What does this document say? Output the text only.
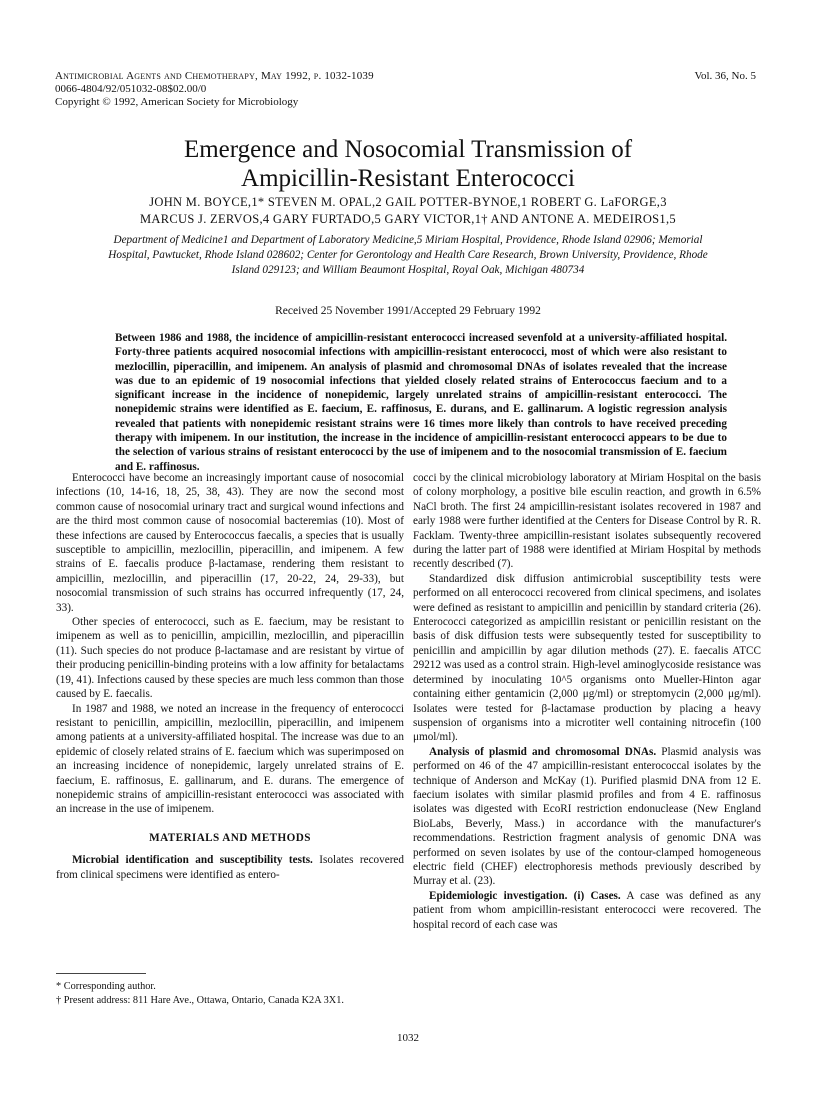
Antimicrobial Agents and Chemotherapy, May 1992, p. 1032-1039
0066-4804/92/051032-08$02.00/0
Copyright © 1992, American Society for Microbiology
Vol. 36, No. 5
Emergence and Nosocomial Transmission of
Ampicillin-Resistant Enterococci
JOHN M. BOYCE,1* STEVEN M. OPAL,2 GAIL POTTER-BYNOE,1 ROBERT G. LaFORGE,3
MARCUS J. ZERVOS,4 GARY FURTADO,5 GARY VICTOR,1† AND ANTONE A. MEDEIROS1,5
Department of Medicine1 and Department of Laboratory Medicine,5 Miriam Hospital, Providence, Rhode Island 02906; Memorial Hospital, Pawtucket, Rhode Island 028602; Center for Gerontology and Health Care Research, Brown University, Providence, Rhode Island 029123; and William Beaumont Hospital, Royal Oak, Michigan 480734
Received 25 November 1991/Accepted 29 February 1992
Between 1986 and 1988, the incidence of ampicillin-resistant enterococci increased sevenfold at a university-affiliated hospital. Forty-three patients acquired nosocomial infections with ampicillin-resistant enterococci, most of which were also resistant to mezlocillin, piperacillin, and imipenem. An analysis of plasmid and chromosomal DNAs of isolates revealed that the increase was due to an epidemic of 19 nosocomial infections that yielded closely related strains of Enterococcus faecium and to a significant increase in the incidence of nonepidemic, largely unrelated strains of ampicillin-resistant enterococci. The nonepidemic strains were identified as E. faecium, E. raffinosus, E. durans, and E. gallinarum. A logistic regression analysis revealed that patients with nonepidemic resistant strains were 16 times more likely than controls to have received preceding therapy with imipenem. In our institution, the increase in the incidence of ampicillin-resistant enterococci appears to be due to the selection of various strains of resistant enterococci by the use of imipenem and to the nosocomial transmission of E. faecium and E. raffinosus.

Enterococci have become an increasingly important cause of nosocomial infections (10, 14-16, 18, 25, 38, 43). They are now the second most common cause of nosocomial urinary tract and surgical wound infections and are the third most common cause of nosocomial bacteremias (10). Most of these infections are caused by Enterococcus faecalis, a species that is usually susceptible to ampicillin, mezlocillin, piperacillin, and imipenem. A few strains of E. faecalis produce β-lactamase, rendering them resistant to ampicillin, mezlocillin, and piperacillin (17, 20-22, 24, 29-33), but nosocomial transmission of such strains has occurred infrequently (17, 24, 33).

Other species of enterococci, such as E. faecium, may be resistant to imipenem as well as to penicillin, ampicillin, mezlocillin, and piperacillin (11). Such species do not produce β-lactamase and are resistant by virtue of their producing penicillin-binding proteins with a low affinity for betalactams (19, 41). Infections caused by these species are much less common than those caused by E. faecalis.

In 1987 and 1988, we noted an increase in the frequency of enterococci resistant to penicillin, ampicillin, mezlocillin, piperacillin, and imipenem among patients at a university-affiliated hospital. The increase was due to an epidemic of closely related strains of E. faecium which was superimposed on an increasing incidence of nonepidemic, largely unrelated strains of E. faecium, E. raffinosus, E. gallinarum, and E. durans. The emergence of nonepidemic strains of ampicillin-resistant enterococci was associated with an increase in the use of imipenem.

MATERIALS AND METHODS

Microbial identification and susceptibility tests. Isolates recovered from clinical specimens were identified as entero-

cocci by the clinical microbiology laboratory at Miriam Hospital on the basis of colony morphology, a positive bile esculin reaction, and growth in 6.5% NaCl broth. The first 24 ampicillin-resistant isolates recovered in 1987 and early 1988 were further identified at the Centers for Disease Control by R. R. Facklam. Twenty-three ampicillin-resistant isolates subsequently recovered during the latter part of 1988 were identified at Miriam Hospital by methods recently described (7).

Standardized disk diffusion antimicrobial susceptibility tests were performed on all enterococci recovered from clinical specimens, and isolates were defined as resistant to ampicillin and penicillin by standard criteria (26). Enterococci categorized as ampicillin resistant or penicillin resistant on the basis of disk diffusion tests were subsequently tested for susceptibility to penicillin and ampicillin by agar dilution methods (27). E. faecalis ATCC 29212 was used as a control strain. High-level aminoglycoside resistance was determined by inoculating 10^5 organisms onto Mueller-Hinton agar containing either gentamicin (2,000 μg/ml) or streptomycin (2,000 μg/ml). Isolates were tested for β-lactamase production by placing a heavy suspension of organisms into a microtiter well containing nitrocefin (100 μmol/ml).

Analysis of plasmid and chromosomal DNAs. Plasmid analysis was performed on 46 of the 47 ampicillin-resistant enterococcal isolates by the technique of Anderson and McKay (1). Purified plasmid DNA from 12 E. faecium isolates with similar plasmid profiles and from 4 E. raffinosus isolates was digested with EcoRI restriction endonuclease (New England BioLabs, Beverly, Mass.) in accordance with the manufacturer's recommendations. Restriction fragment analysis of genomic DNA was performed on seven isolates by use of the contour-clamped homogeneous electric field (CHEF) electrophoresis methods previously described by Murray et al. (23).

Epidemiologic investigation. (i) Cases. A case was defined as any patient from whom ampicillin-resistant enterococci were recovered. The hospital record of each case was

* Corresponding author.
† Present address: 811 Hare Ave., Ottawa, Ontario, Canada K2A 3X1.
1032
